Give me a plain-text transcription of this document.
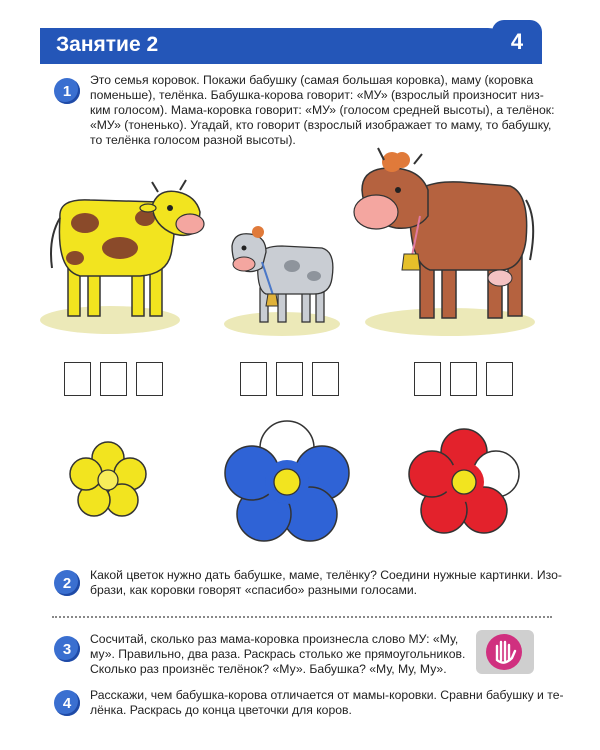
Занятие 2	4
1
Это семья коровок. Покажи бабушку (самая большая коровка), маму (коровка
поменьше), телёнка. Бабушка-корова говорит: «МУ» (взрослый произносит низ-
ким голосом). Мама-коровка говорит: «МУ» (голосом средней высоты), а телёнок:
«МУ» (тоненько). Угадай, кто говорит (взрослый изображает то маму, то бабушку,
то телёнка голосом разной высоты).
2	Какой цветок нужно дать бабушке, маме, телёнку? Соедини нужные картинки. Изо-
брази, как коровки говорят «спасибо» разными голосами.
3
Сосчитай, сколько раз мама-коровка произнесла слово МУ: «Му,
му». Правильно, два раза. Раскрась столько же прямоугольников.
Сколько раз произнёс телёнок? «Му». Бабушка? «Му, Му, Му».
4	Расскажи, чем бабушка-корова отличается от мамы-коровки. Сравни бабушку и те-
лёнка. Раскрась до конца цветочки для коров.
